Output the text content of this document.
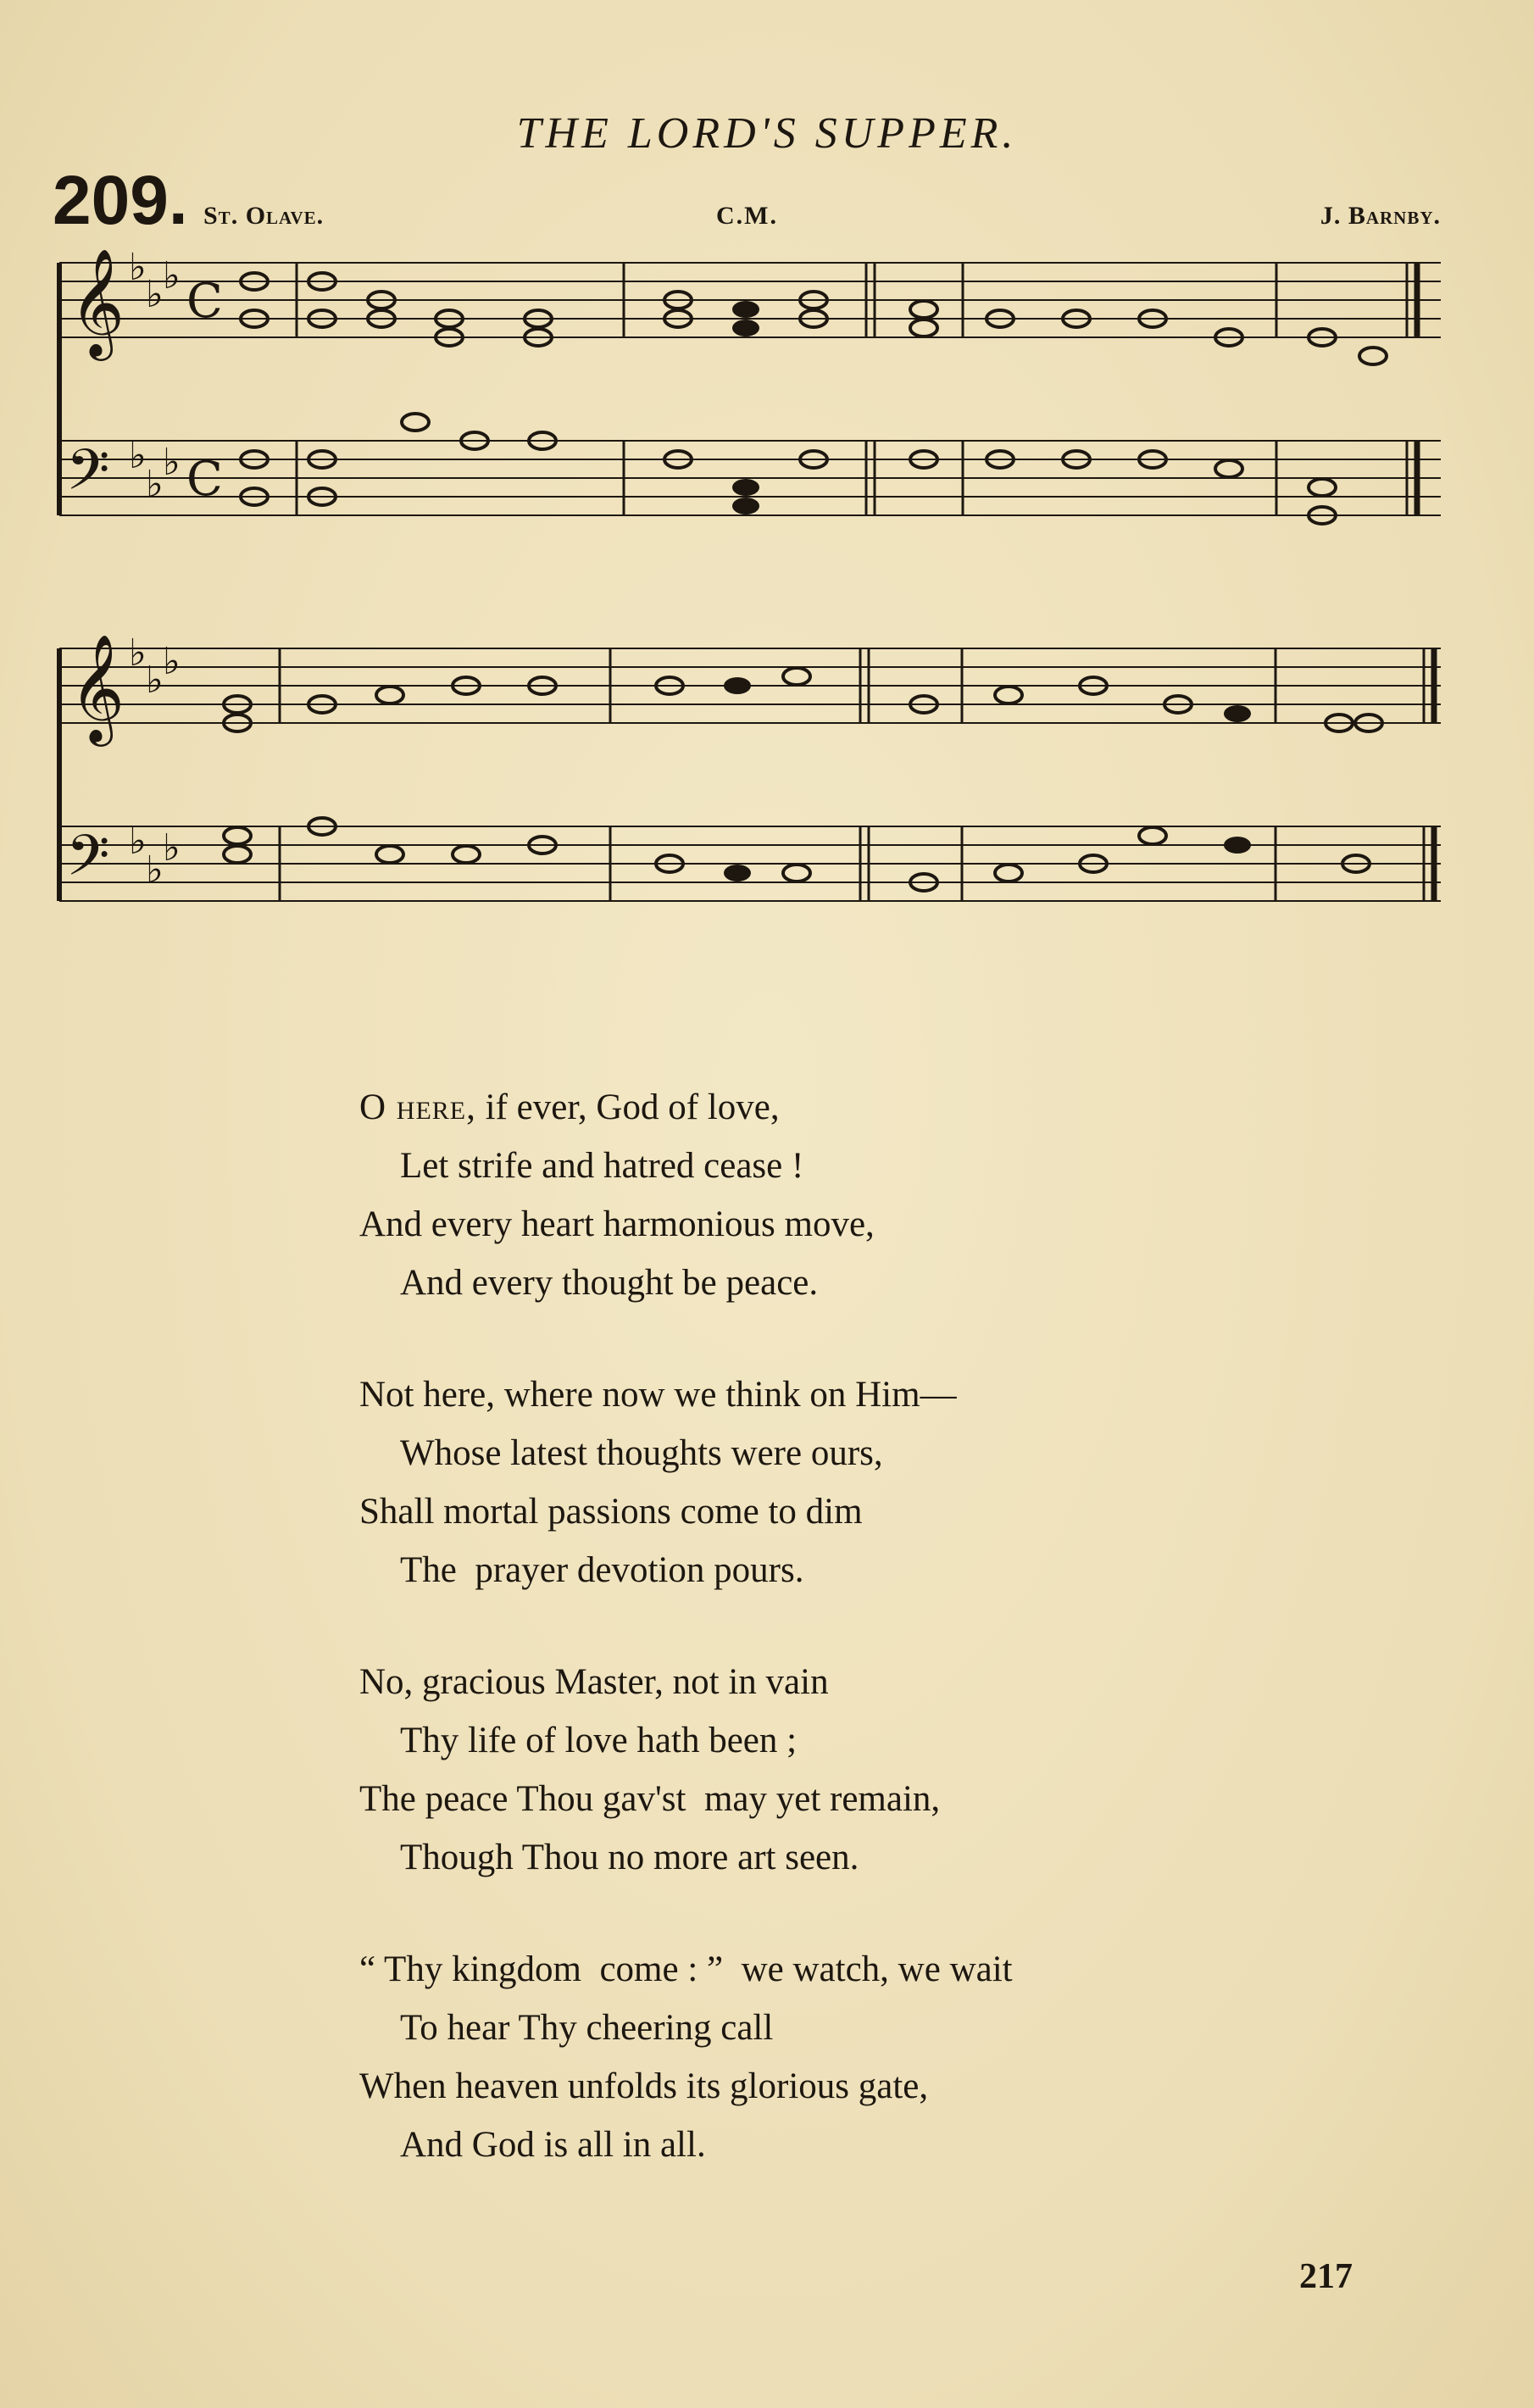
THE LORD'S SUPPER.
209. St. Olave.	C.M.	J. Barnby.
𝄞
𝄢
♭
♭ ♭
♭
♭
♭
C
C
𝄞
𝄢
♭
♭ ♭
♭
♭
♭
O here, if ever, God of love,
Let strife and hatred cease !
And every heart harmonious move,
And every thought be peace.
Not here, where now we think on Him—
Whose latest thoughts were ours,
Shall mortal passions come to dim
The  prayer devotion pours.
No, gracious Master, not in vain
Thy life of love hath been ;
The peace Thou gav'st  may yet remain,
Though Thou no more art seen.
“ Thy kingdom  come : ”  we watch, we wait
To hear Thy cheering call
When heaven unfolds its glorious gate,
And God is all in all.
217
